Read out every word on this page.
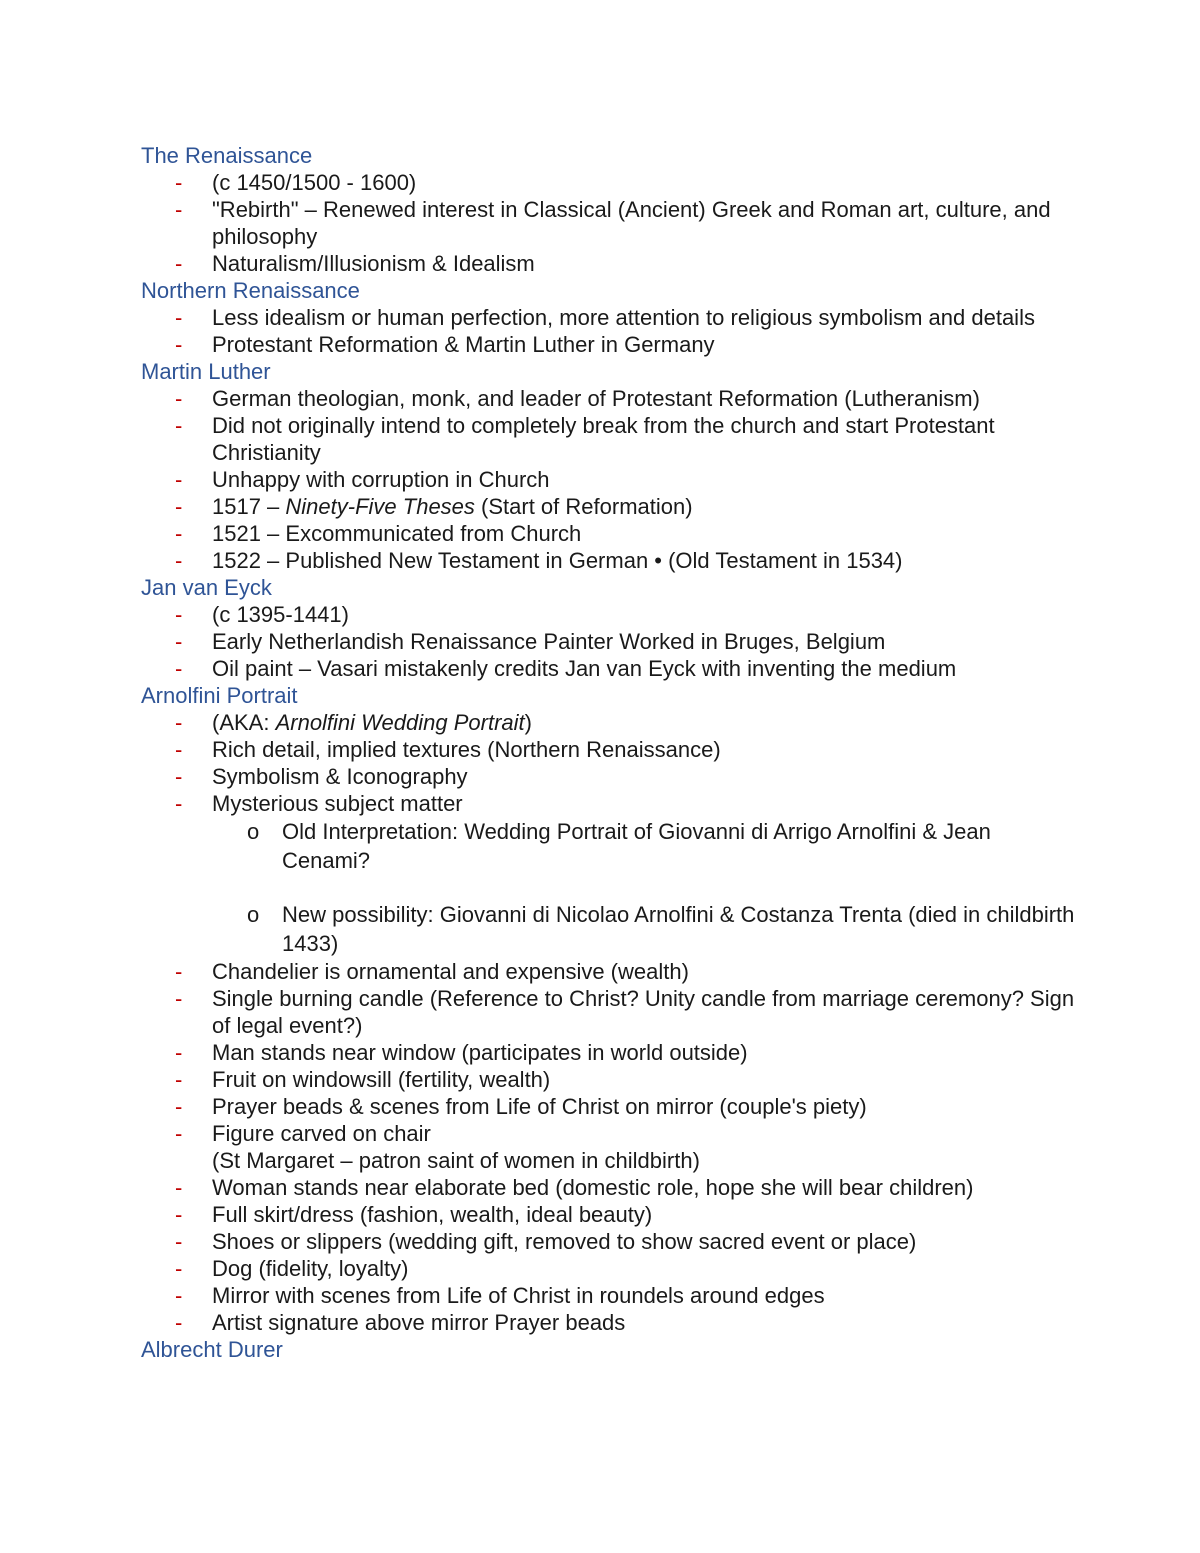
The Renaissance
- (c 1450/1500 - 1600)
- "Rebirth" – Renewed interest in Classical (Ancient) Greek and Roman art, culture, and philosophy
- Naturalism/Illusionism & Idealism
Northern Renaissance
- Less idealism or human perfection, more attention to religious symbolism and details
- Protestant Reformation & Martin Luther in Germany
Martin Luther
- German theologian, monk, and leader of Protestant Reformation (Lutheranism)
- Did not originally intend to completely break from the church and start Protestant Christianity
- Unhappy with corruption in Church
- 1517 – Ninety-Five Theses (Start of Reformation)
- 1521 – Excommunicated from Church
- 1522 – Published New Testament in German • (Old Testament in 1534)
Jan van Eyck
- (c 1395-1441)
- Early Netherlandish Renaissance Painter Worked in Bruges, Belgium
- Oil paint – Vasari mistakenly credits Jan van Eyck with inventing the medium
Arnolfini Portrait
- (AKA: Arnolfini Wedding Portrait)
- Rich detail, implied textures (Northern Renaissance)
- Symbolism & Iconography
- Mysterious subject matter
o Old Interpretation: Wedding Portrait of Giovanni di Arrigo Arnolfini & Jean Cenami?
o New possibility: Giovanni di Nicolao Arnolfini & Costanza Trenta (died in childbirth 1433)
- Chandelier is ornamental and expensive (wealth)
- Single burning candle (Reference to Christ? Unity candle from marriage ceremony? Sign of legal event?)
- Man stands near window (participates in world outside)
- Fruit on windowsill (fertility, wealth)
- Prayer beads & scenes from Life of Christ on mirror (couple's piety)
- Figure carved on chair
(St Margaret – patron saint of women in childbirth)
- Woman stands near elaborate bed (domestic role, hope she will bear children)
- Full skirt/dress (fashion, wealth, ideal beauty)
- Shoes or slippers (wedding gift, removed to show sacred event or place)
- Dog (fidelity, loyalty)
- Mirror with scenes from Life of Christ in roundels around edges
- Artist signature above mirror Prayer beads
Albrecht Durer
